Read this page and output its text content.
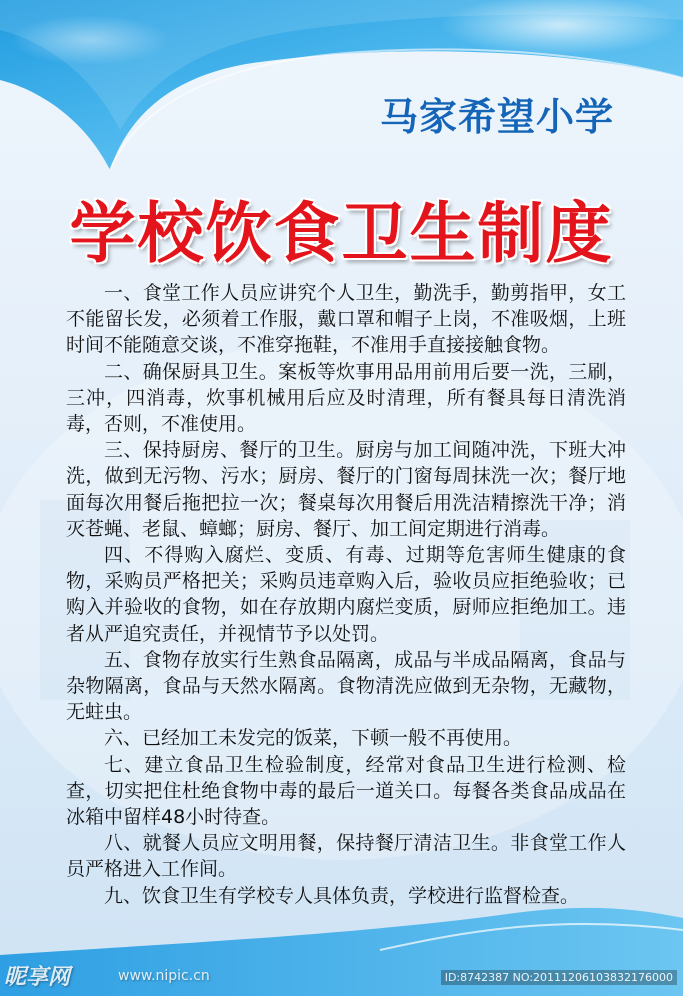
马家希望小学
学校饮食卫生制度

一、食堂工作人员应讲究个人卫生，勤洗手，勤剪指甲，女工不能留长发，必须着工作服，戴口罩和帽子上岗，不准吸烟，上班时间不能随意交谈，不准穿拖鞋，不准用手直接接触食物。

二、确保厨具卫生。案板等炊事用品用前用后要一洗，三刷，三冲，四消毒，炊事机械用后应及时清理，所有餐具每日清洗消毒，否则，不准使用。

三、保持厨房、餐厅的卫生。厨房与加工间随冲洗，下班大冲洗，做到无污物、污水；厨房、餐厅的门窗每周抹洗一次；餐厅地面每次用餐后拖把拉一次；餐桌每次用餐后用洗洁精擦洗干净；消灭苍蝇、老鼠、蟑螂；厨房、餐厅、加工间定期进行消毒。

四、不得购入腐烂、变质、有毒、过期等危害师生健康的食物，采购员严格把关；采购员违章购入后，验收员应拒绝验收；已购入并验收的食物，如在存放期内腐烂变质，厨师应拒绝加工。违者从严追究责任，并视情节予以处罚。

五、食物存放实行生熟食品隔离，成品与半成品隔离，食品与杂物隔离，食品与天然水隔离。食物清洗应做到无杂物，无藏物，无蛀虫。

六、已经加工未发完的饭菜，下顿一般不再使用。

七、建立食品卫生检验制度，经常对食品卫生进行检测、检查，切实把住杜绝食物中毒的最后一道关口。每餐各类食品成品在冰箱中留样48小时待查。

八、就餐人员应文明用餐，保持餐厅清洁卫生。非食堂工作人员严格进入工作间。

九、饮食卫生有学校专人具体负责，学校进行监督检查。

昵享网	www.nipic.cn	ID:8742387 NO:20111206103832176000
